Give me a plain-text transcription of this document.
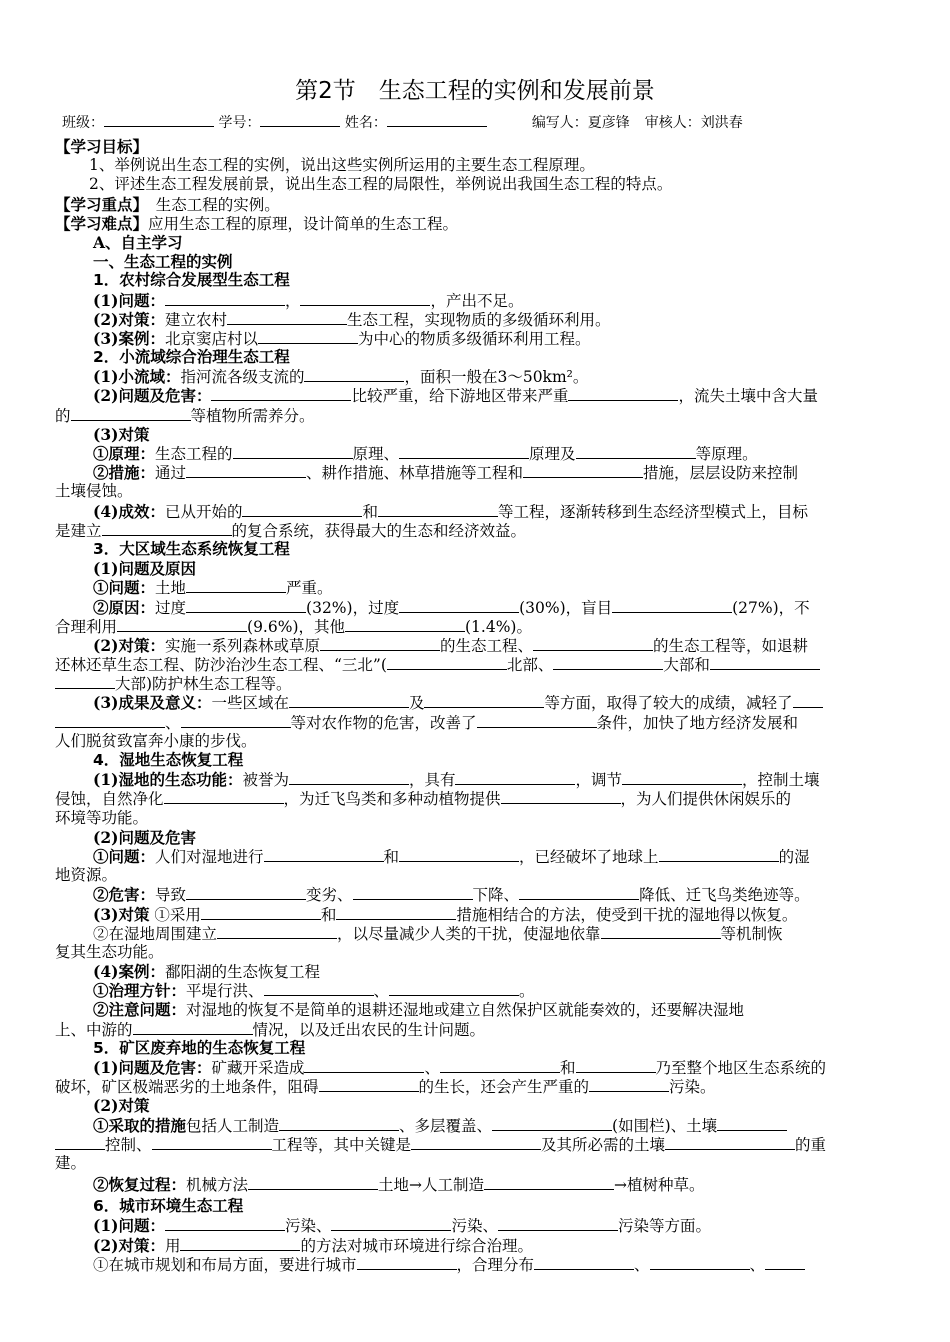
第2节　生态工程的实例和发展前景
班级：	学号：	姓名：	编写人：夏彦锋 审核人：刘洪春
【学习目标】
1、举例说出生态工程的实例，说出这些实例所运用的主要生态工程原理。
2、评述生态工程发展前景，说出生态工程的局限性，举例说出我国生态工程的特点。
【学习重点】　 生态工程的实例。
【学习难点】应用生态工程的原理，设计简单的生态工程。
A、自主学习
一、生态工程的实例
1．农村综合发展型生态工程
(1)问题：	，	，产出不足。
(2)对策：建立农村	生态工程，实现物质的多级循环利用。
(3)案例：北京窦店村以	为中心的物质多级循环利用工程。
2．小流域综合治理生态工程
(1)小流域：指河流各级支流的	，面积一般在3～50km²。
(2)问题及危害：	比较严重，给下游地区带来严重	，流失土壤中含大量
的	等植物所需养分。
(3)对策
①原理：生态工程的	原理、	原理及	等原理。
②措施：通过	、耕作措施、林草措施等工程和	措施，层层设防来控制
土壤侵蚀。
(4)成效：已从开始的	和	等工程，逐渐转移到生态经济型模式上，目标
是建立	的复合系统，获得最大的生态和经济效益。
3．大区域生态系统恢复工程
(1)问题及原因
①问题：土地	严重。
②原因：过度	(32%)，过度	(30%)，盲目	(27%)，不
合理利用	(9.6%)，其他	(1.4%)。
(2)对策：实施一系列森林或草原	的生态工程、	的生态工程等，如退耕
还林还草生态工程、防沙治沙生态工程、“三北”(	北部、	大部和
大部)防护林生态工程等。
(3)成果及意义：一些区域在	及	等方面，取得了较大的成绩，减轻了
、	等对农作物的危害，改善了	条件，加快了地方经济发展和
人们脱贫致富奔小康的步伐。
4．湿地生态恢复工程
(1)湿地的生态功能：被誉为	，具有	，调节	，控制土壤
侵蚀，自然净化	，为迁飞鸟类和多种动植物提供	，为人们提供休闲娱乐的
环境等功能。
(2)问题及危害
①问题：人们对湿地进行	和	，已经破坏了地球上	的湿
地资源。
②危害：导致	变劣、	下降、	降低、迁飞鸟类绝迹等。
(3)对策 ①采用	和	措施相结合的方法，使受到干扰的湿地得以恢复。
②在湿地周围建立	，以尽量减少人类的干扰，使湿地依靠	等机制恢
复其生态功能。
(4)案例：鄱阳湖的生态恢复工程
①治理方针：平堤行洪、	、	。
②注意问题：对湿地的恢复不是简单的退耕还湿地或建立自然保护区就能奏效的，还要解决湿地
上、中游的	情况，以及迁出农民的生计问题。
5．矿区废弃地的生态恢复工程
(1)问题及危害：矿藏开采造成	、	和	乃至整个地区生态系统的
破坏，矿区极端恶劣的土地条件，阻碍	的生长，还会产生严重的	污染。
(2)对策
①采取的措施包括人工制造	、多层覆盖、	(如围栏)、土壤
控制、	工程等，其中关键是	及其所必需的土壤	的重
建。
②恢复过程：机械方法	土地→人工制造	→植树种草。
6．城市环境生态工程
(1)问题：	污染、	污染、	污染等方面。
(2)对策：用	的方法对城市环境进行综合治理。
①在城市规划和布局方面，要进行城市	，合理分布	、	、
